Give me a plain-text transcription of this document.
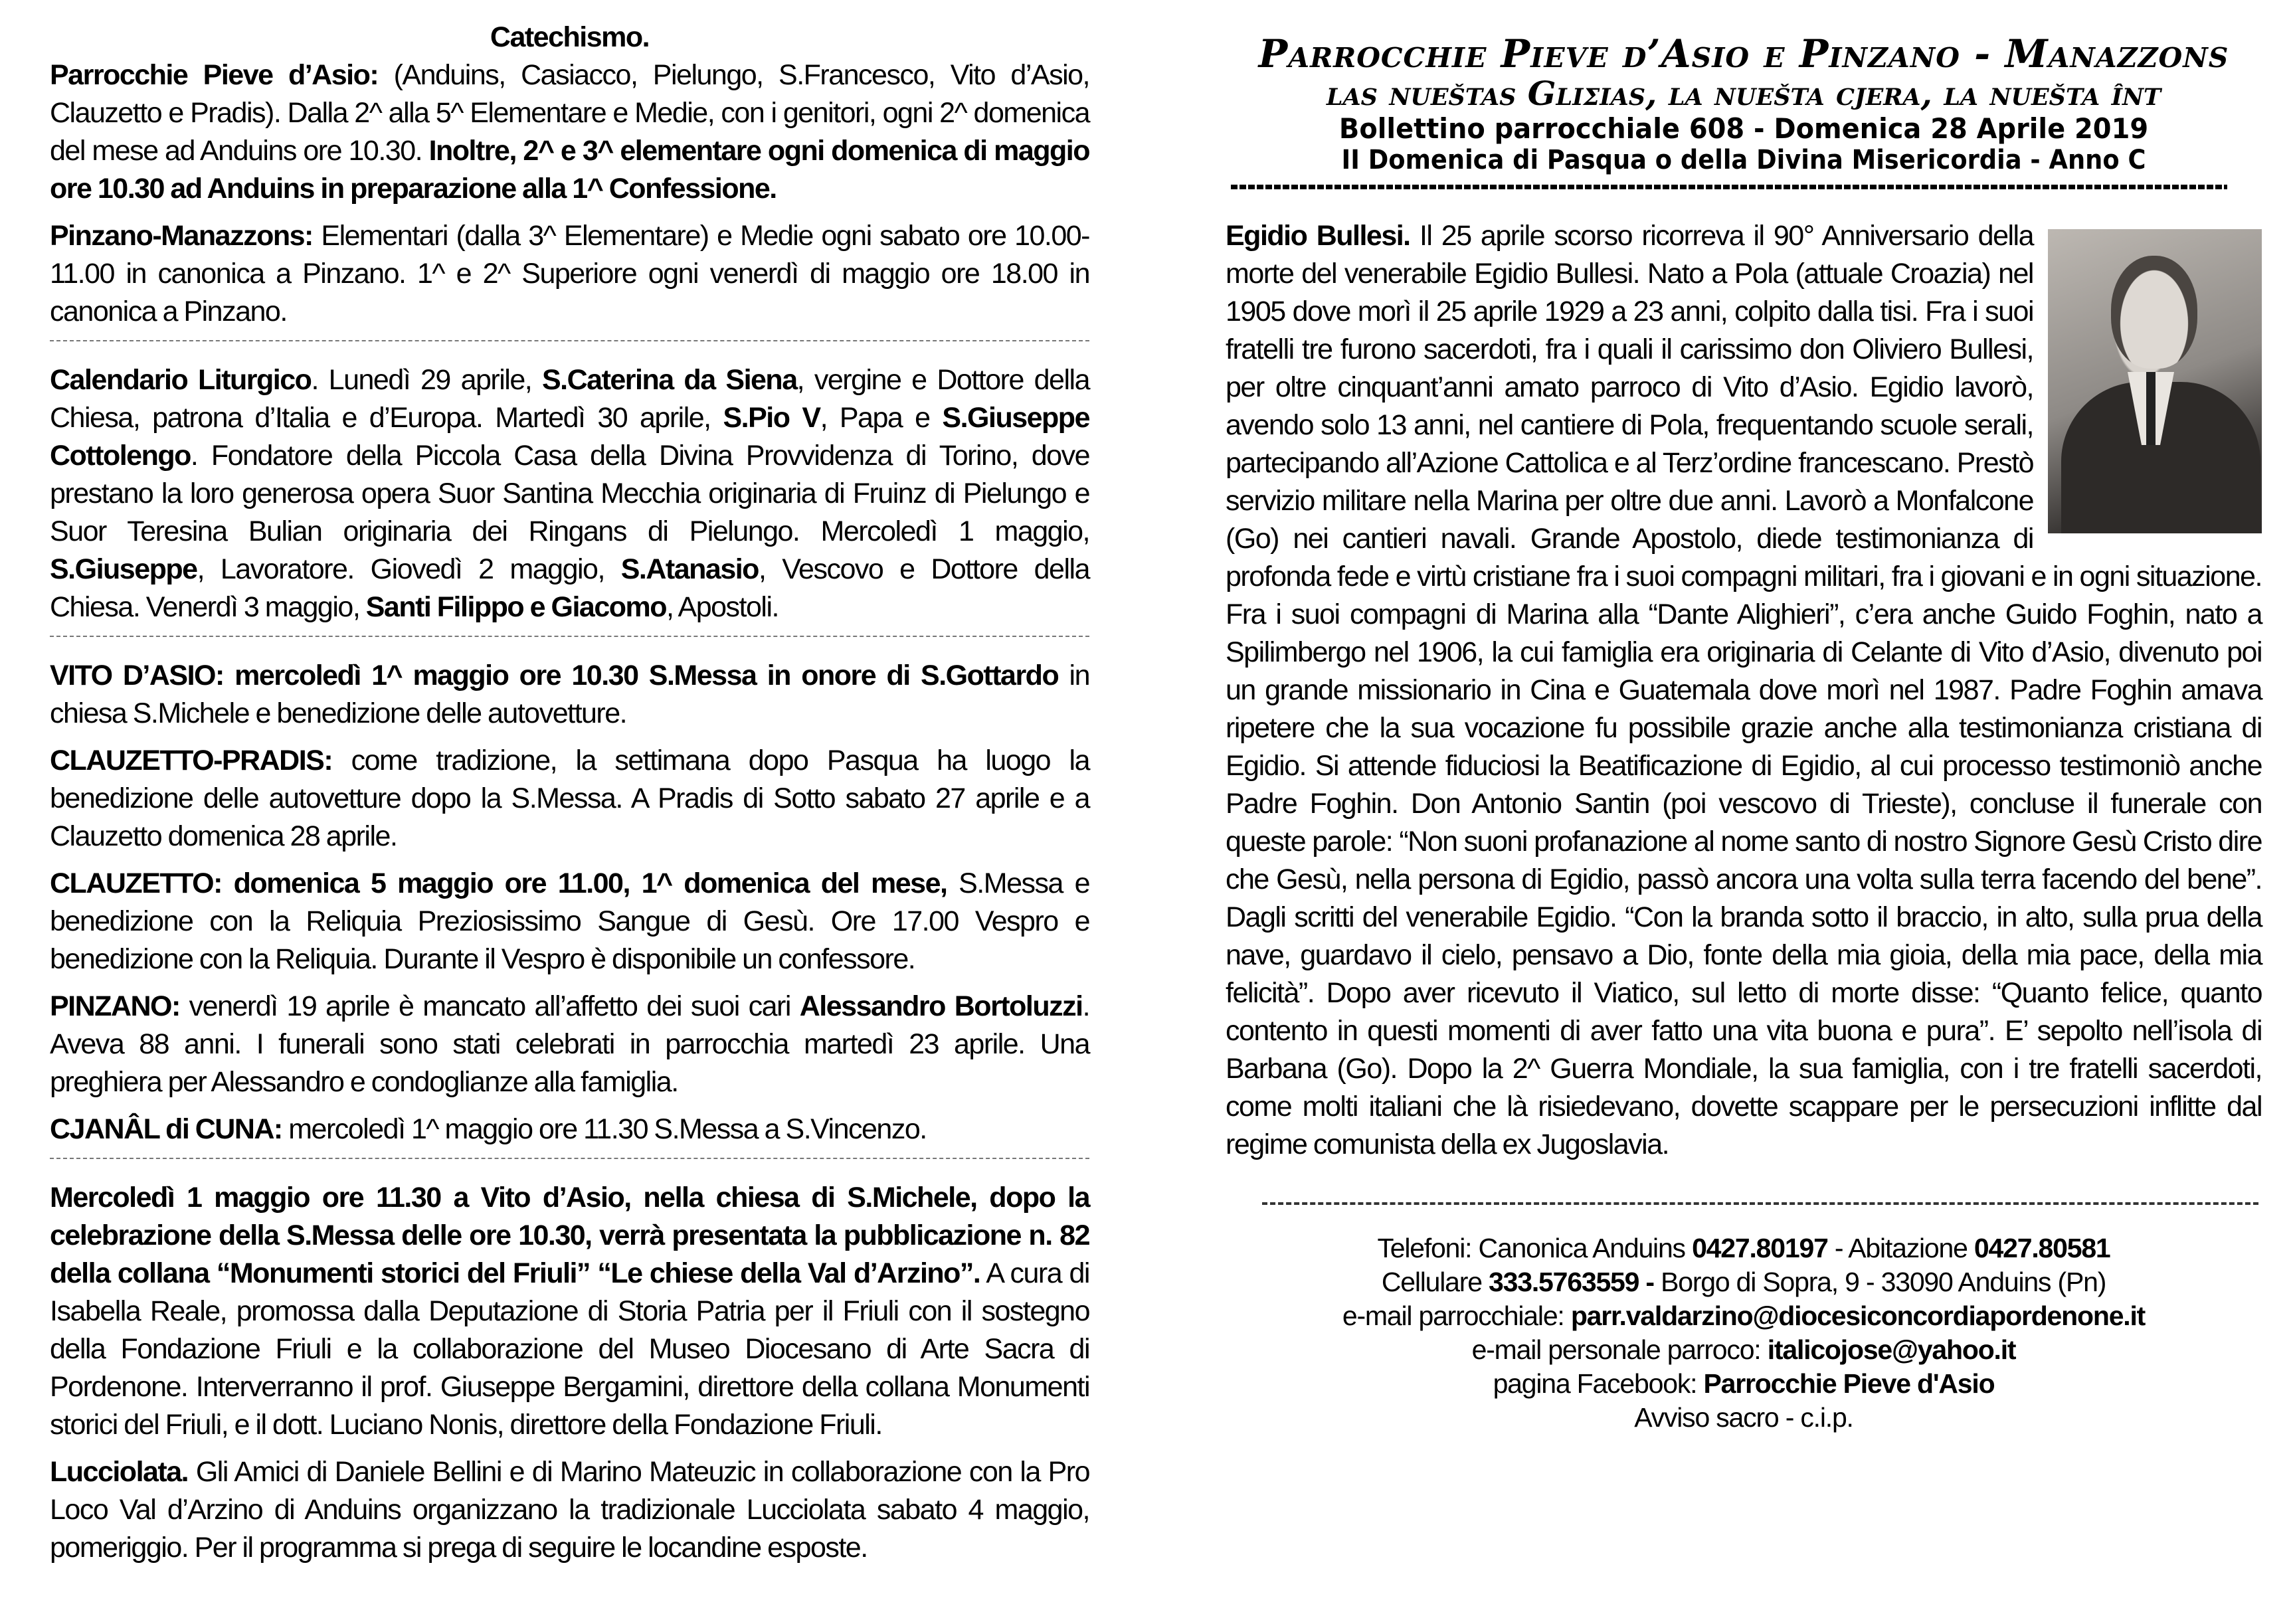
Catechismo.

Parrocchie Pieve d’Asio: (Anduins, Casiacco, Pielungo, S.Francesco, Vito d’Asio, Clauzetto e Pradis). Dalla 2^ alla 5^ Elementare e Medie, con i genitori, ogni 2^ domenica del mese ad Anduins ore 10.30. Inoltre, 2^ e 3^ elementare ogni domenica di maggio ore 10.30 ad Anduins in preparazione alla 1^ Confessione.

Pinzano-Manazzons: Elementari (dalla 3^ Elementare) e Medie ogni sabato ore 10.00-11.00 in canonica a Pinzano. 1^ e 2^ Superiore ogni venerdì di maggio ore 18.00 in canonica a Pinzano.

Calendario Liturgico. Lunedì 29 aprile, S.Caterina da Siena, vergine e Dottore della Chiesa, patrona d’Italia e d’Europa. Martedì 30 aprile, S.Pio V, Papa e S.Giuseppe Cottolengo. Fondatore della Piccola Casa della Divina Provvidenza di Torino, dove prestano la loro generosa opera Suor Santina Mecchia originaria di Fruinz di Pielungo e Suor Teresina Bulian originaria dei Ringans di Pielungo. Mercoledì 1 maggio, S.Giuseppe, Lavoratore. Giovedì 2 maggio, S.Atanasio, Vescovo e Dottore della Chiesa. Venerdì 3 maggio, Santi Filippo e Giacomo, Apostoli.

VITO D’ASIO: mercoledì 1^ maggio ore 10.30 S.Messa in onore di S.Gottardo in chiesa S.Michele e benedizione delle autovetture.

CLAUZETTO-PRADIS: come tradizione, la settimana dopo Pasqua ha luogo la benedizione delle autovetture dopo la S.Messa. A Pradis di Sotto sabato 27 aprile e a Clauzetto domenica 28 aprile.

CLAUZETTO: domenica 5 maggio ore 11.00, 1^ domenica del mese, S.Messa e benedizione con la Reliquia Preziosissimo Sangue di Gesù. Ore 17.00 Vespro e benedizione con la Reliquia. Durante il Vespro è disponibile un confessore.

PINZANO: venerdì 19 aprile è mancato all’affetto dei suoi cari Alessandro Bortoluzzi. Aveva 88 anni. I funerali sono stati celebrati in parrocchia martedì 23 aprile. Una preghiera per Alessandro e condoglianze alla famiglia.

CJANÂL di CUNA: mercoledì 1^ maggio ore 11.30 S.Messa a S.Vincenzo.

Mercoledì 1 maggio ore 11.30 a Vito d’Asio, nella chiesa di S.Michele, dopo la celebrazione della S.Messa delle ore 10.30, verrà presentata la pubblicazione n. 82 della collana “Monumenti storici del Friuli” “Le chiese della Val d’Arzino”. A cura di Isabella Reale, promossa dalla Deputazione di Storia Patria per il Friuli con il sostegno della Fondazione Friuli e la collaborazione del Museo Diocesano di Arte Sacra di Pordenone. Interverranno il prof. Giuseppe Bergamini, direttore della collana Monumenti storici del Friuli, e il dott. Luciano Nonis, direttore della Fondazione Friuli.

Lucciolata. Gli Amici di Daniele Bellini e di Marino Mateuzic in collaborazione con la Pro Loco Val d’Arzino di Anduins organizzano la tradizionale Lucciolata sabato 4 maggio, pomeriggio. Per il programma si prega di seguire le locandine esposte.

Parrocchie Pieve d’Asio e Pinzano - Manazzons
las nueštas Gliʃias, la nuešta cjera, la nuešta înt
Bollettino parrocchiale 608 - Domenica 28 Aprile 2019
II Domenica di Pasqua o della Divina Misericordia - Anno C

Egidio Bullesi. Il 25 aprile scorso ricorreva il 90° Anniversario della morte del venerabile Egidio Bullesi. Nato a Pola (attuale Croazia) nel 1905 dove morì il 25 aprile 1929 a 23 anni, colpito dalla tisi. Fra i suoi fratelli tre furono sacerdoti, fra i quali il carissimo don Oliviero Bullesi, per oltre cinquant’anni amato parroco di Vito d’Asio. Egidio lavorò, avendo solo 13 anni, nel cantiere di Pola, frequentando scuole serali, partecipando all’Azione Cattolica e al Terz’ordine francescano. Prestò servizio militare nella Marina per oltre due anni. Lavorò a Monfalcone (Go) nei cantieri navali. Grande Apostolo, diede testimonianza di profonda fede e virtù cristiane fra i suoi compagni militari, fra i giovani e in ogni situazione. Fra i suoi compagni di Marina alla “Dante Alighieri”, c’era anche Guido Foghin, nato a Spilimbergo nel 1906, la cui famiglia era originaria di Celante di Vito d’Asio, divenuto poi un grande missionario in Cina e Guatemala dove morì nel 1987. Padre Foghin amava ripetere che la sua vocazione fu possibile grazie anche alla testimonianza cristiana di Egidio. Si attende fiduciosi la Beatificazione di Egidio, al cui processo testimoniò anche Padre Foghin. Don Antonio Santin (poi vescovo di Trieste), concluse il funerale con queste parole: “Non suoni profanazione al nome santo di nostro Signore Gesù Cristo dire che Gesù, nella persona di Egidio, passò ancora una volta sulla terra facendo del bene”. Dagli scritti del venerabile Egidio. “Con la branda sotto il braccio, in alto, sulla prua della nave, guardavo il cielo, pensavo a Dio, fonte della mia gioia, della mia pace, della mia felicità”. Dopo aver ricevuto il Viatico, sul letto di morte disse: “Quanto felice, quanto contento in questi momenti di aver fatto una vita buona e pura”. E’ sepolto nell’isola di Barbana (Go). Dopo la 2^ Guerra Mondiale, la sua famiglia, con i tre fratelli sacerdoti, come molti italiani che là risiedevano, dovette scappare per le persecuzioni inflitte dal regime comunista della ex Jugoslavia.

Telefoni: Canonica Anduins 0427.80197 - Abitazione 0427.80581
Cellulare 333.5763559 - Borgo di Sopra, 9 - 33090 Anduins (Pn)
e-mail parrocchiale: parr.valdarzino@diocesiconcordiapordenone.it
e-mail personale parroco: italicojose@yahoo.it
pagina Facebook: Parrocchie Pieve d'Asio
Avviso sacro - c.i.p.
